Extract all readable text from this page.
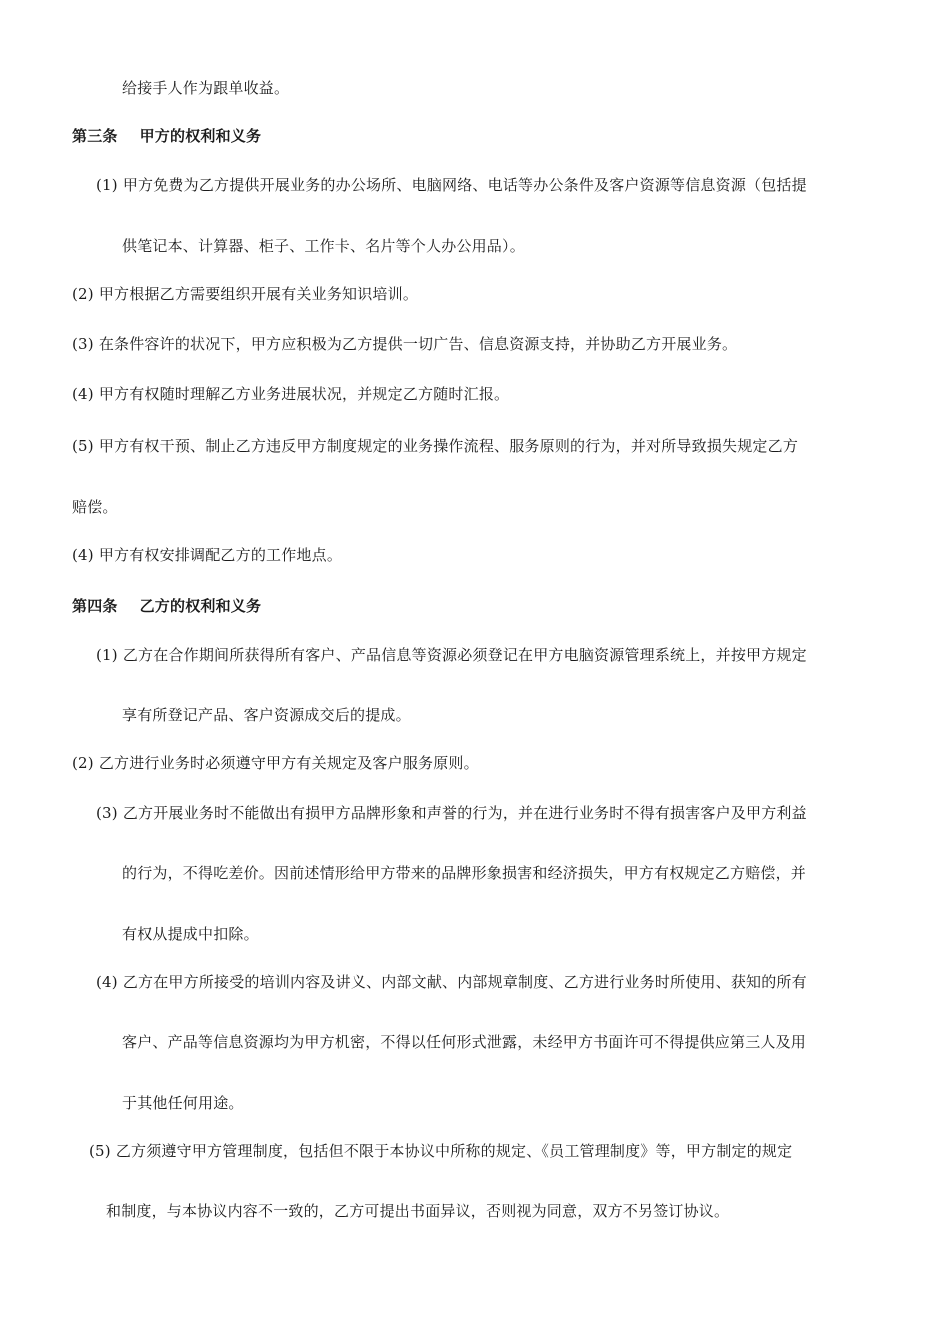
给接手人作为跟单收益。
第三条 甲方的权利和义务
(1) 甲方免费为乙方提供开展业务的办公场所、电脑网络、电话等办公条件及客户资源等信息资源（包括提
供笔记本、计算器、柜子、工作卡、名片等个人办公用品）。
(2) 甲方根据乙方需要组织开展有关业务知识培训。
(3) 在条件容许的状况下，甲方应积极为乙方提供一切广告、信息资源支持，并协助乙方开展业务。
(4) 甲方有权随时理解乙方业务进展状况，并规定乙方随时汇报。
(5) 甲方有权干预、制止乙方违反甲方制度规定的业务操作流程、服务原则的行为，并对所导致损失规定乙方
赔偿。
(4) 甲方有权安排调配乙方的工作地点。
第四条 乙方的权利和义务
(1) 乙方在合作期间所获得所有客户、产品信息等资源必须登记在甲方电脑资源管理系统上，并按甲方规定
享有所登记产品、客户资源成交后的提成。
(2) 乙方进行业务时必须遵守甲方有关规定及客户服务原则。
(3) 乙方开展业务时不能做出有损甲方品牌形象和声誉的行为，并在进行业务时不得有损害客户及甲方利益
的行为，不得吃差价。因前述情形给甲方带来的品牌形象损害和经济损失，甲方有权规定乙方赔偿，并
有权从提成中扣除。
(4) 乙方在甲方所接受的培训内容及讲义、内部文献、内部规章制度、乙方进行业务时所使用、获知的所有
客户、产品等信息资源均为甲方机密，不得以任何形式泄露，未经甲方书面许可不得提供应第三人及用
于其他任何用途。
(5) 乙方须遵守甲方管理制度，包括但不限于本协议中所称的规定、《员工管理制度》等，甲方制定的规定
和制度，与本协议内容不一致的，乙方可提出书面异议，否则视为同意，双方不另签订协议。
